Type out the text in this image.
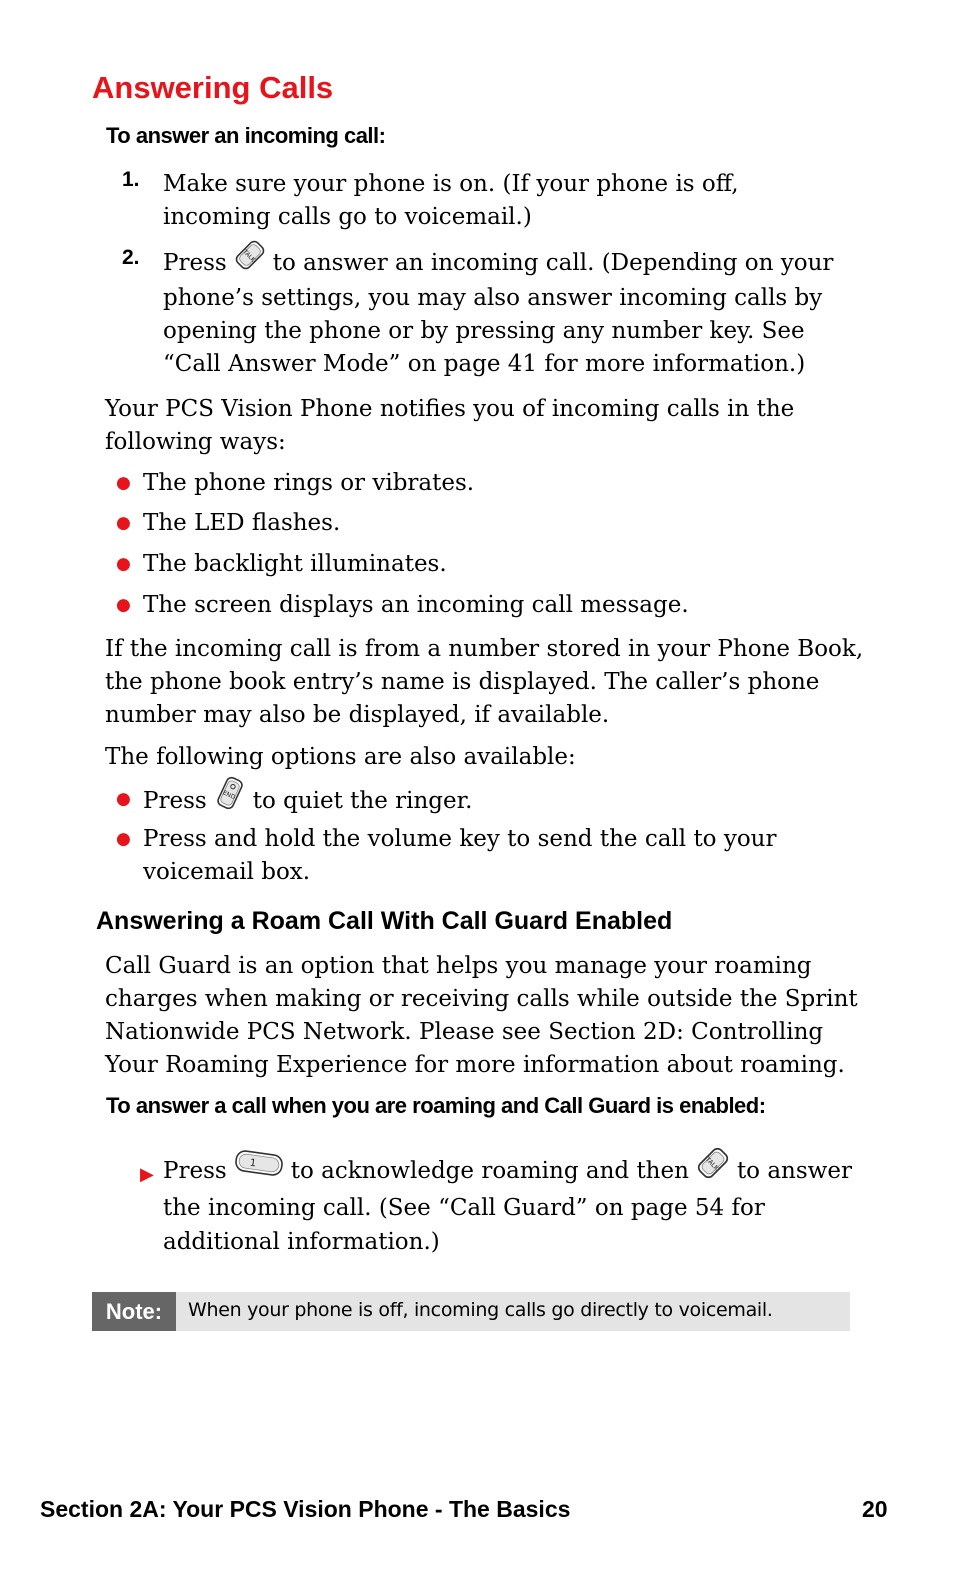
Answering Calls
To answer an incoming call:
1. Make sure your phone is on. (If your phone is off, incoming calls go to voicemail.)
2. Press TALK to answer an incoming call. (Depending on your phone’s settings, you may also answer incoming calls by opening the phone or by pressing any number key. See “Call Answer Mode” on page 41 for more information.)
Your PCS Vision Phone notifies you of incoming calls in the following ways:
● The phone rings or vibrates.
● The LED flashes.
● The backlight illuminates.
● The screen displays an incoming call message.
If the incoming call is from a number stored in your Phone Book, the phone book entry’s name is displayed. The caller’s phone number may also be displayed, if available.
The following options are also available:
● Press END to quiet the ringer.
● Press and hold the volume key to send the call to your voicemail box.
Answering a Roam Call With Call Guard Enabled
Call Guard is an option that helps you manage your roaming charges when making or receiving calls while outside the Sprint Nationwide PCS Network. Please see Section 2D: Controlling Your Roaming Experience for more information about roaming.
To answer a call when you are roaming and Call Guard is enabled:
▶ Press 1 to acknowledge roaming and then TALK to answer the incoming call. (See “Call Guard” on page 54 for additional information.)
Note:	When your phone is off, incoming calls go directly to voicemail.
Section 2A: Your PCS Vision Phone - The Basics	20
